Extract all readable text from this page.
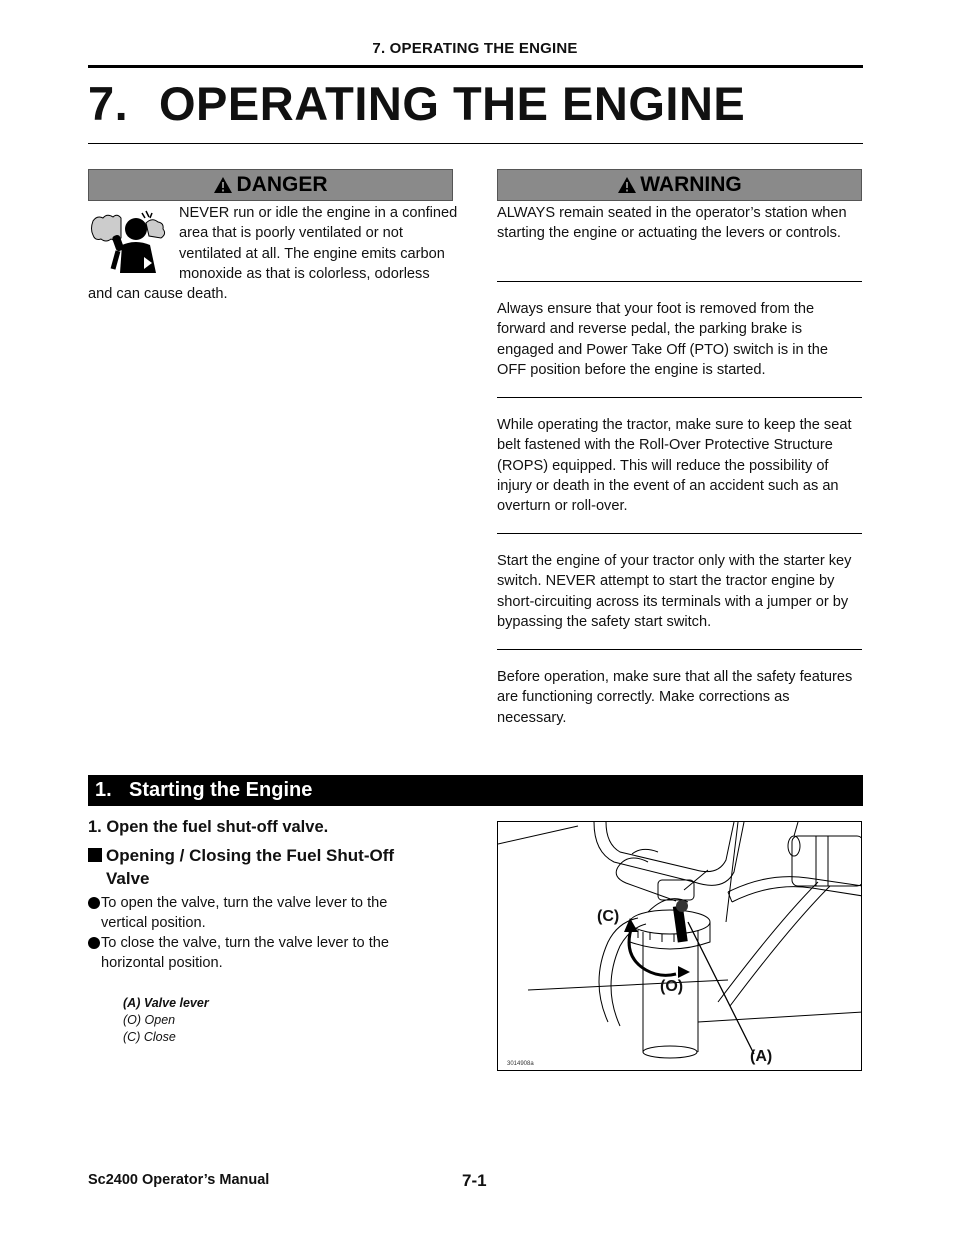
7. OPERATING THE ENGINE
7. OPERATING THE ENGINE
DANGER

NEVER run or idle the engine in a confined area that is poorly ventilated or not ventilated at all. The engine emits carbon monoxide as that is colorless, odorless and can cause death.
WARNING

ALWAYS remain seated in the operator’s station when starting the engine or actuating the levers or controls.

Always ensure that your foot is removed from the forward and reverse pedal, the parking brake is engaged and Power Take Off (PTO) switch is in the OFF position before the engine is started.

While operating the tractor, make sure to keep the seat belt fastened with the Roll-Over Protective Structure (ROPS) equipped. This will reduce the possibility of injury or death in the event of an accident such as an overturn or roll-over.

Start the engine of your tractor only with the starter key switch. NEVER attempt to start the tractor engine by short-circuiting across its terminals with a jumper or by bypassing the safety start switch.

Before operation, make sure that all the safety features are functioning correctly. Make corrections as necessary.

1. Starting the Engine
1. Open the fuel shut-off valve.
Opening / Closing the Fuel Shut-Off Valve
To open the valve, turn the valve lever to the vertical position.
To close the valve, turn the valve lever to the horizontal position.
(A) Valve lever
(O) Open
(C) Close
(C)
(O)
(A)
3014908a
Sc2400 Operator’s Manual	7-1
